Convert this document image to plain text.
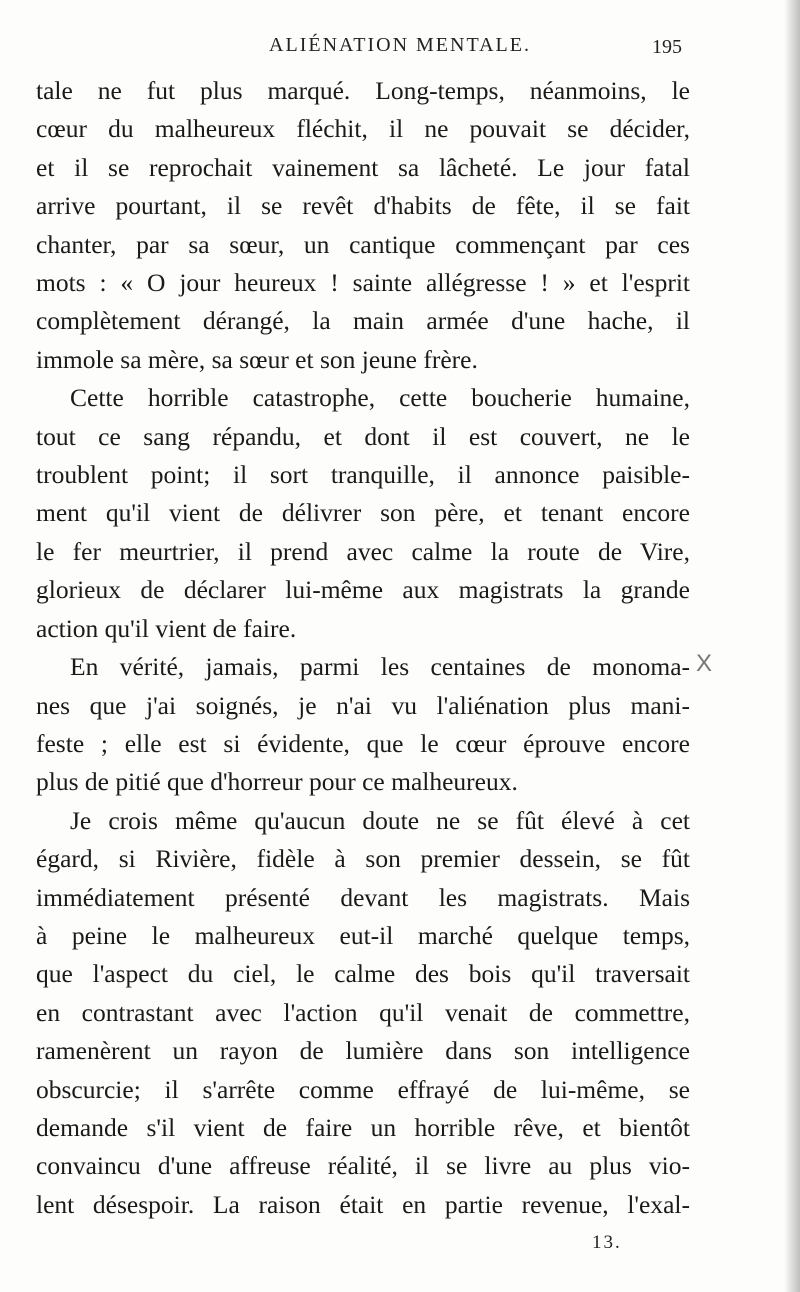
ALIÉNATION MENTALE.	195
tale ne fut plus marqué. Long-temps, néanmoins, le
cœur du malheureux fléchit, il ne pouvait se décider,
et il se reprochait vainement sa lâcheté. Le jour fatal
arrive pourtant, il se revêt d'habits de fête, il se fait
chanter, par sa sœur, un cantique commençant par ces
mots : « O jour heureux ! sainte allégresse ! » et l'esprit
complètement dérangé, la main armée d'une hache, il
immole sa mère, sa sœur et son jeune frère.
Cette horrible catastrophe, cette boucherie humaine,
tout ce sang répandu, et dont il est couvert, ne le
troublent point; il sort tranquille, il annonce paisible-
ment qu'il vient de délivrer son père, et tenant encore
le fer meurtrier, il prend avec calme la route de Vire,
glorieux de déclarer lui-même aux magistrats la grande
action qu'il vient de faire.
En vérité, jamais, parmi les centaines de monoma-
nes que j'ai soignés, je n'ai vu l'aliénation plus mani-
feste ; elle est si évidente, que le cœur éprouve encore
plus de pitié que d'horreur pour ce malheureux.
Je crois même qu'aucun doute ne se fût élevé à cet
égard, si Rivière, fidèle à son premier dessein, se fût
immédiatement présenté devant les magistrats. Mais
à peine le malheureux eut-il marché quelque temps,
que l'aspect du ciel, le calme des bois qu'il traversait
en contrastant avec l'action qu'il venait de commettre,
ramenèrent un rayon de lumière dans son intelligence
obscurcie; il s'arrête comme effrayé de lui-même, se
demande s'il vient de faire un horrible rêve, et bientôt
convaincu d'une affreuse réalité, il se livre au plus vio-
lent désespoir. La raison était en partie revenue, l'exal-
X
13.
